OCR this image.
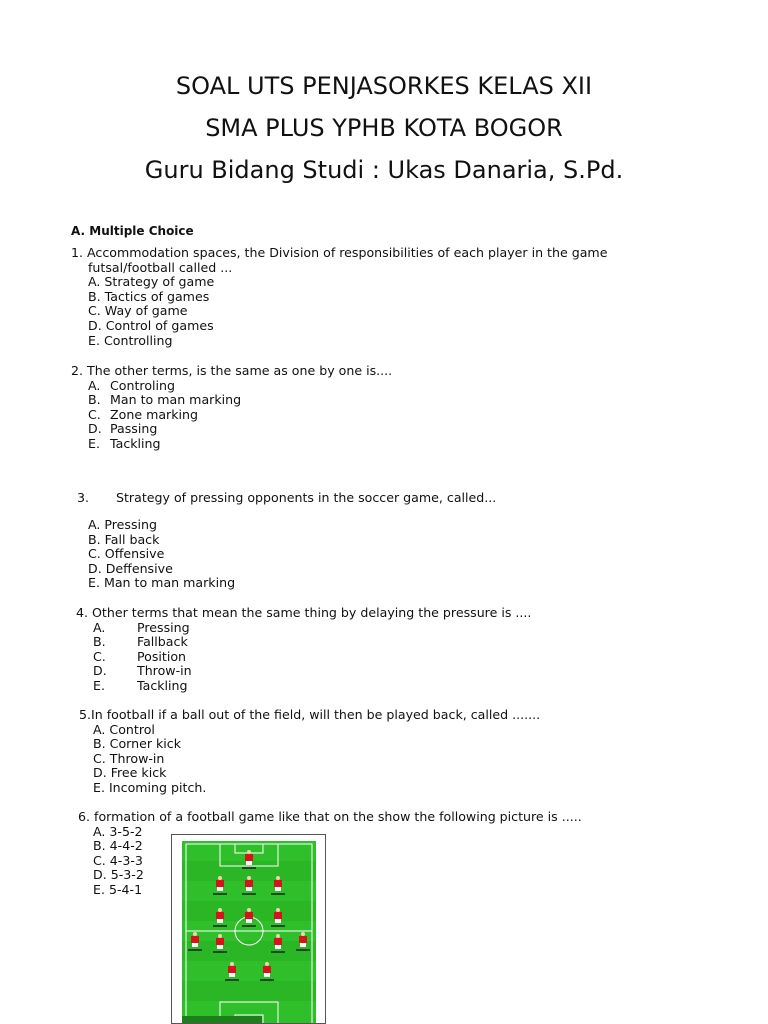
SOAL UTS PENJASORKES KELAS XII
SMA PLUS YPHB KOTA BOGOR
Guru Bidang Studi : Ukas Danaria, S.Pd.
A. Multiple Choice
1. Accommodation spaces, the Division of responsibilities of each player in the game
futsal/football called ...
A. Strategy of game
B. Tactics of games
C. Way of game
D. Control of games
E. Controlling
2. The other terms, is the same as one by one is....
A. Controling
B. Man to man marking
C. Zone marking
D. Passing
E. Tackling
3. Strategy of pressing opponents in the soccer game, called...
A. Pressing
B. Fall back
C. Offensive
D. Deffensive
E. Man to man marking
4. Other terms that mean the same thing by delaying the pressure is ....
A.	Pressing
B. Fallback
C. Position
D. Throw-in
E.	Tackling
5.In football if a ball out of the field, will then be played back, called .......
A. Control
B. Corner kick
C. Throw-in
D. Free kick
E. Incoming pitch.
6. formation of a football game like that on the show the following picture is .....
A. 3-5-2
B. 4-4-2
C. 4-3-3
D. 5-3-2
E. 5-4-1
